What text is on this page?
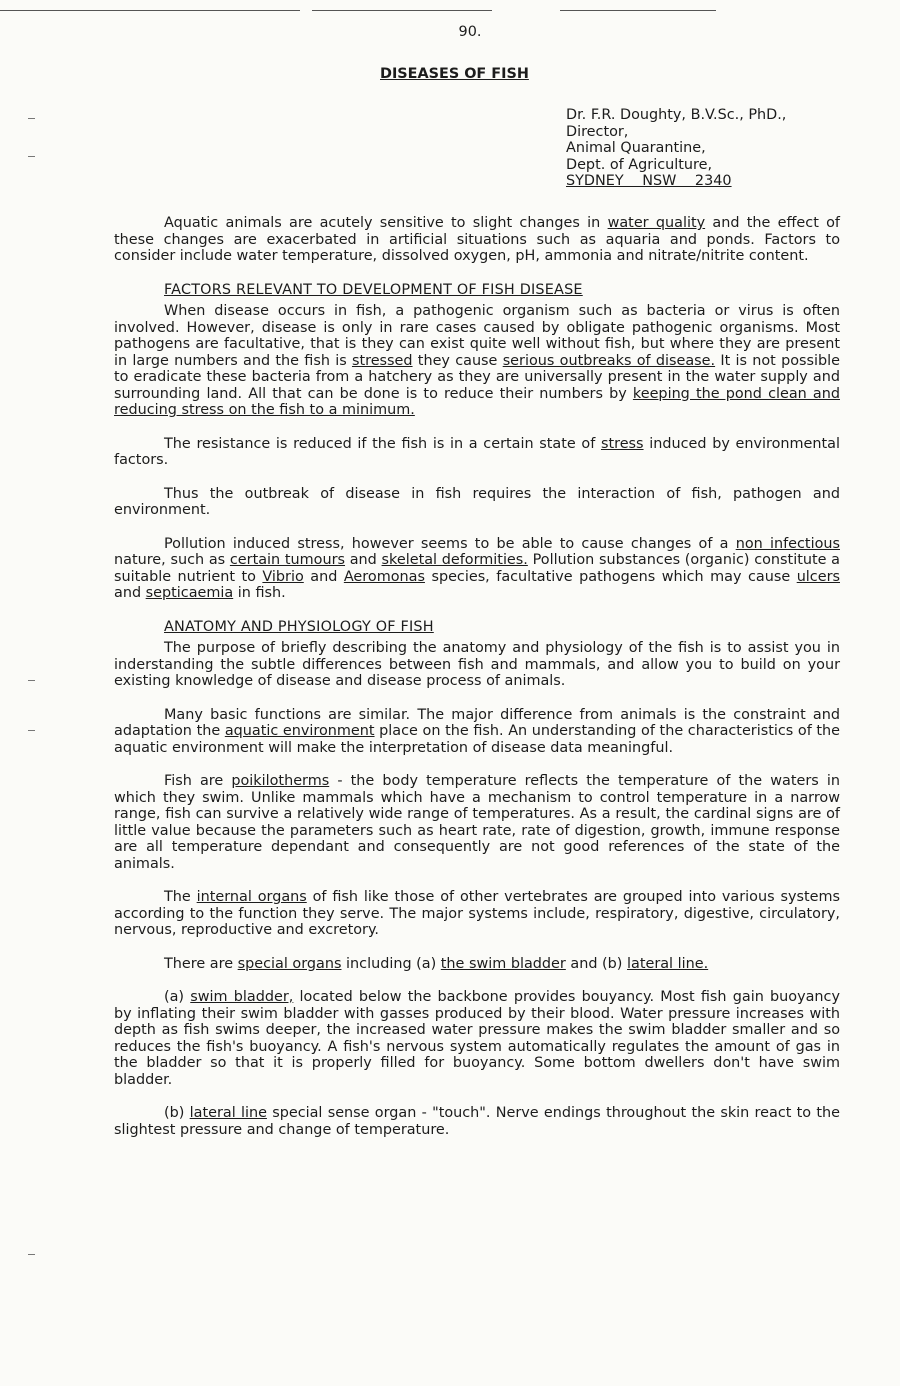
90.
DISEASES OF FISH
Dr. F.R. Doughty, B.V.Sc., PhD.,
Director,
Animal Quarantine,
Dept. of Agriculture,
SYDNEY NSW 2340

Aquatic animals are acutely sensitive to slight changes in water quality and the effect of these changes are exacerbated in artificial situations such as aquaria and ponds. Factors to consider include water temperature, dissolved oxygen, pH, ammonia and nitrate/nitrite content.

FACTORS RELEVANT TO DEVELOPMENT OF FISH DISEASE

When disease occurs in fish, a pathogenic organism such as bacteria or virus is often involved. However, disease is only in rare cases caused by obligate pathogenic organisms. Most pathogens are facultative, that is they can exist quite well without fish, but where they are present in large numbers and the fish is stressed they cause serious outbreaks of disease. It is not possible to eradicate these bacteria from a hatchery as they are universally present in the water supply and surrounding land. All that can be done is to reduce their numbers by keeping the pond clean and reducing stress on the fish to a minimum.

The resistance is reduced if the fish is in a certain state of stress induced by environmental factors.

Thus the outbreak of disease in fish requires the interaction of fish, pathogen and environment.

Pollution induced stress, however seems to be able to cause changes of a non infectious nature, such as certain tumours and skeletal deformities. Pollution substances (organic) constitute a suitable nutrient to Vibrio and Aeromonas species, facultative pathogens which may cause ulcers and septicaemia in fish.

ANATOMY AND PHYSIOLOGY OF FISH

The purpose of briefly describing the anatomy and physiology of the fish is to assist you in inderstanding the subtle differences between fish and mammals, and allow you to build on your existing knowledge of disease and disease process of animals.

Many basic functions are similar. The major difference from animals is the constraint and adaptation the aquatic environment place on the fish. An understanding of the characteristics of the aquatic environment will make the interpretation of disease data meaningful.

Fish are poikilotherms - the body temperature reflects the temperature of the waters in which they swim. Unlike mammals which have a mechanism to control temperature in a narrow range, fish can survive a relatively wide range of temperatures. As a result, the cardinal signs are of little value because the parameters such as heart rate, rate of digestion, growth, immune response are all temperature dependant and consequently are not good references of the state of the animals.

The internal organs of fish like those of other vertebrates are grouped into various systems according to the function they serve. The major systems include, respiratory, digestive, circulatory, nervous, reproductive and excretory.

There are special organs including (a) the swim bladder and (b) lateral line.

(a) swim bladder, located below the backbone provides bouyancy. Most fish gain buoyancy by inflating their swim bladder with gasses produced by their blood. Water pressure increases with depth as fish swims deeper, the increased water pressure makes the swim bladder smaller and so reduces the fish's buoyancy. A fish's nervous system automatically regulates the amount of gas in the bladder so that it is properly filled for buoyancy. Some bottom dwellers don't have swim bladder.

(b) lateral line special sense organ - "touch". Nerve endings throughout the skin react to the slightest pressure and change of temperature.
